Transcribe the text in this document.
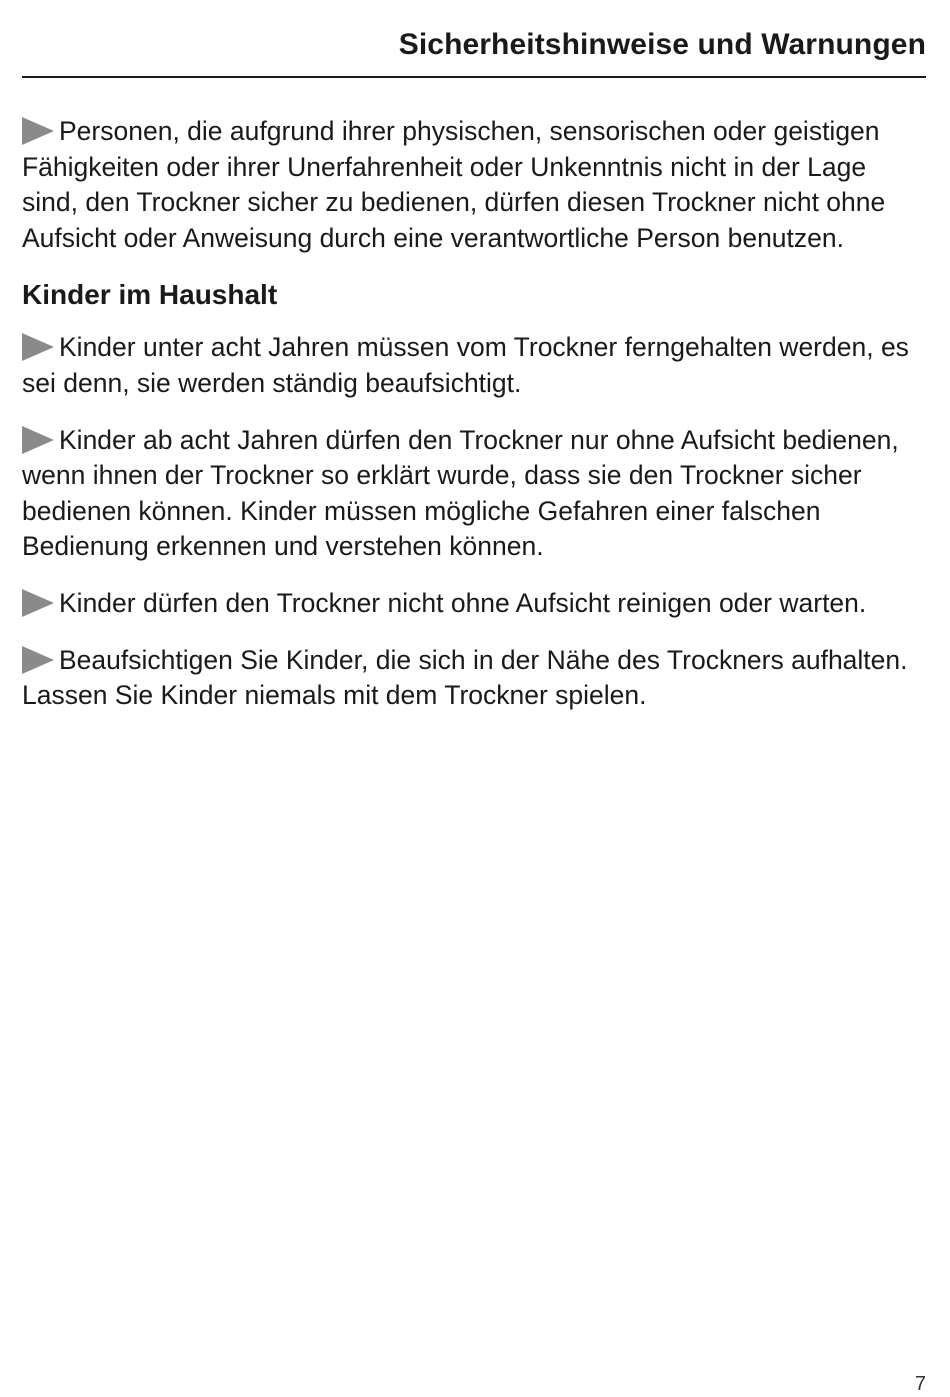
Sicherheitshinweise und Warnungen

Personen, die aufgrund ihrer physischen, sensorischen oder geistigen Fähigkeiten oder ihrer Unerfahrenheit oder Unkenntnis nicht in der Lage sind, den Trockner sicher zu bedienen, dürfen diesen Trockner nicht ohne Aufsicht oder Anweisung durch eine verantwortliche Person benutzen.

Kinder im Haushalt

Kinder unter acht Jahren müssen vom Trockner ferngehalten werden, es sei denn, sie werden ständig beaufsichtigt.

Kinder ab acht Jahren dürfen den Trockner nur ohne Aufsicht bedienen, wenn ihnen der Trockner so erklärt wurde, dass sie den Trockner sicher bedienen können. Kinder müssen mögliche Gefahren einer falschen Bedienung erkennen und verstehen können.

Kinder dürfen den Trockner nicht ohne Aufsicht reinigen oder warten.

Beaufsichtigen Sie Kinder, die sich in der Nähe des Trockners aufhalten. Lassen Sie Kinder niemals mit dem Trockner spielen.

7
